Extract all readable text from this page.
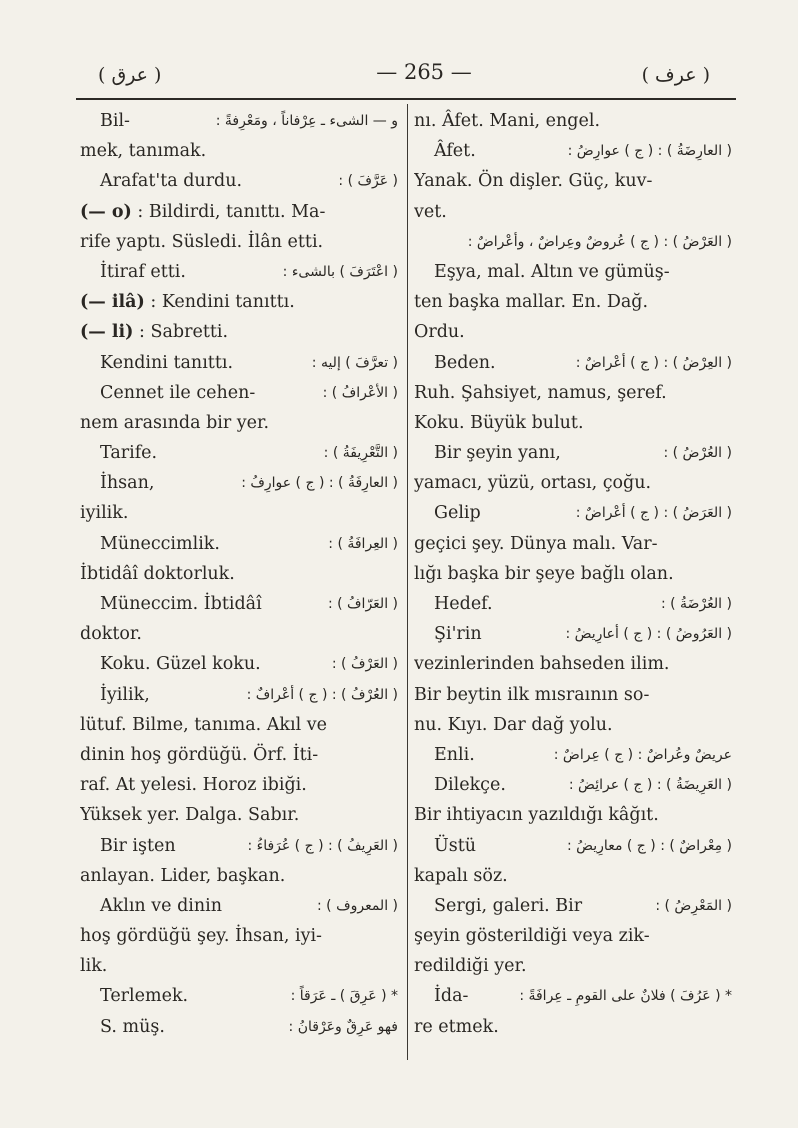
( عرق )	— 265 —	( عرف )
Bil-	و — الشیء ـ عِرْفاناً ، ومَعْرِفةً :
mek, tanımak.
Arafat'ta durdu.	( عَرَّفَ ) :
(— o) : Bildirdi, tanıttı. Ma-
rife yaptı. Süsledi. İlân etti.
İtiraf etti.	( اعْتَرَفَ ) بالشیء :
(— ilâ) : Kendini tanıttı.
(— li) : Sabretti.
Kendini tanıttı.	( تعرَّفَ ) إليه :
Cennet ile cehen-	( الأعْرافُ ) :
nem arasında bir yer.
Tarife.	( التَّعْرِيفَةُ ) :
İhsan,	( العارِفَةُ ) : ( ج ) عوارِفُ :
iyilik.
Müneccimlik.	( العِرافَةُ ) :
İbtidâî doktorluk.
Müneccim. İbtidâî	( العَرّافُ ) :
doktor.
Koku. Güzel koku.	( العَرْفُ ) :
İyilik,	( العُرْفُ ) : ( ج ) أعْرافٌ :
lütuf. Bilme, tanıma. Akıl ve
dinin hoş gördüğü. Örf. İti-
raf. At yelesi. Horoz ibiği.
Yüksek yer. Dalga. Sabır.
Bir işten	( العَرِيفُ ) : ( ج ) عُرَفاءُ :
anlayan. Lider, başkan.
Aklın ve dinin	( المعروف ) :
hoş gördüğü şey. İhsan, iyi-
lik.
Terlemek.	* ( عَرِقَ ) ـ عَرَقاً :
S. müş.	فهو عَرِقٌ وعَرْقانُ :
nı. Âfet. Mani, engel.
Âfet.	( العارِضَةُ ) : ( ج ) عوارِضُ :
Yanak. Ön dişler. Güç, kuv-
vet.
( العَرْضُ ) : ( ج ) عُروضٌ وعِراضٌ ، وأعْراضٌ :
Eşya, mal. Altın ve gümüş-
ten başka mallar. En. Dağ.
Ordu.
Beden.	( العِرْضُ ) : ( ج ) أعْراضٌ :
Ruh. Şahsiyet, namus, şeref.
Koku. Büyük bulut.
Bir şeyin yanı,	( العُرْضُ ) :
yamacı, yüzü, ortası, çoğu.
Gelip	( العَرَضُ ) : ( ج ) أعْراضٌ :
geçici şey. Dünya malı. Var-
lığı başka bir şeye bağlı olan.
Hedef.	( العُرْضَةُ ) :
Şi'rin	( العَرُوضُ ) : ( ج ) أعارِيضُ :
vezinlerinden bahseden ilim.
Bir beytin ilk mısraının so-
nu. Kıyı. Dar dağ yolu.
Enli.	عريضٌ وعُراضٌ : ( ج ) عِراضٌ :
Dilekçe.	( العَرِيضَةُ ) : ( ج ) عرائِضُ :
Bir ihtiyacın yazıldığı kâğıt.
Üstü	( مِعْراضٌ ) : ( ج ) معارِيضُ :
kapalı söz.
Sergi, galeri. Bir	( المَعْرِضُ ) :
şeyin gösterildiği veya zik-
redildiği yer.
İda-	* ( عَرُفَ ) فلانٌ على القومِ ـ عِرافَةً :
re etmek.
